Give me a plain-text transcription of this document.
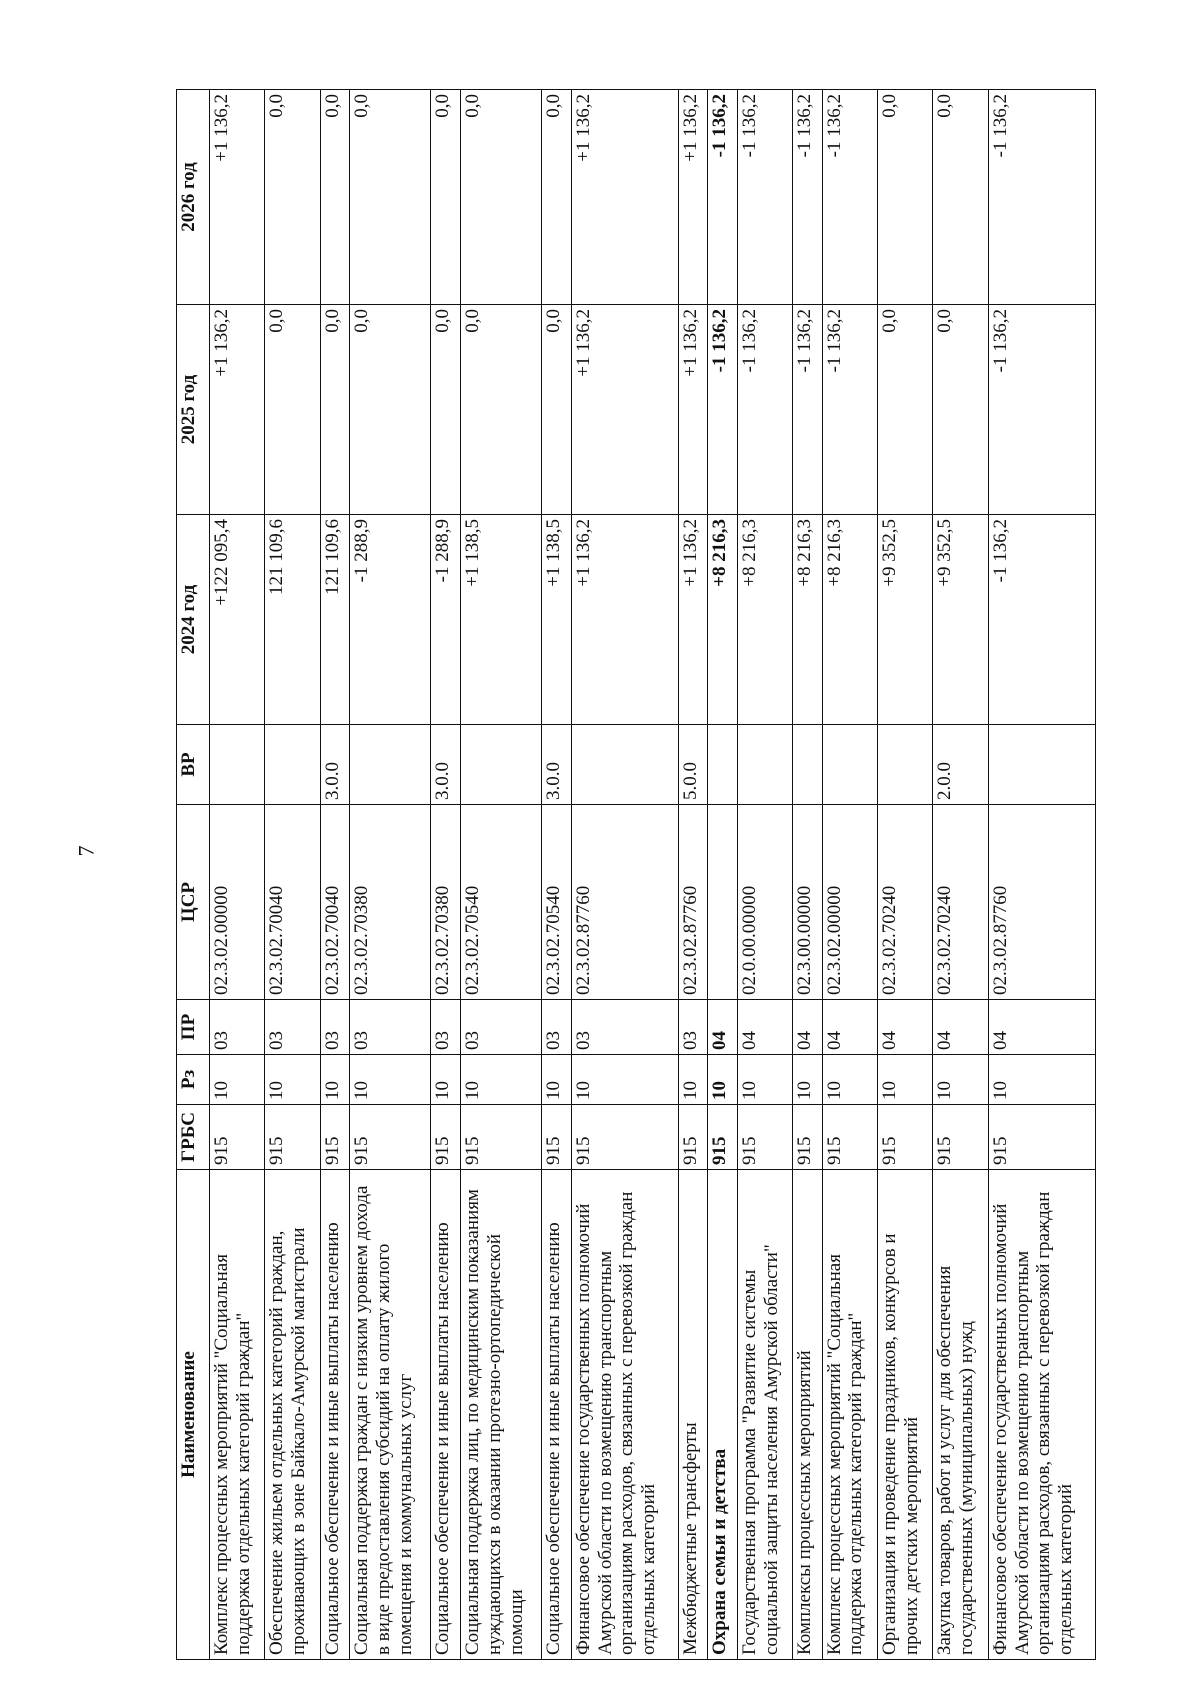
7
Наименование	ГРБС	Рз	ПР	ЦСР	ВР	2024 год	2025 год	2026 год
Комплекс процессных мероприятий "Социальная поддержка отдельных категорий граждан"	915	10	03	02.3.02.00000		+122 095,4	+1 136,2	+1 136,2
Обеспечение жильем отдельных категорий граждан, проживающих в зоне Байкало-Амурской магистрали	915	10	03	02.3.02.70040		121 109,6	0,0	0,0
Социальное обеспечение и иные выплаты населению	915	10	03	02.3.02.70040	3.0.0	121 109,6	0,0	0,0
Социальная поддержка граждан с низким уровнем дохода в виде предоставления субсидий на оплату жилого помещения и коммунальных услуг	915	10	03	02.3.02.70380		-1 288,9	0,0	0,0
Социальное обеспечение и иные выплаты населению	915	10	03	02.3.02.70380	3.0.0	-1 288,9	0,0	0,0
Социальная поддержка лиц, по медицинским показаниям нуждающихся в оказании протезно-ортопедической помощи	915	10	03	02.3.02.70540		+1 138,5	0,0	0,0
Социальное обеспечение и иные выплаты населению	915	10	03	02.3.02.70540	3.0.0	+1 138,5	0,0	0,0
Финансовое обеспечение государственных полномочий Амурской области по возмещению транспортным организациям расходов, связанных с перевозкой граждан отдельных категорий	915	10	03	02.3.02.87760		+1 136,2	+1 136,2	+1 136,2
Межбюджетные трансферты	915	10	03	02.3.02.87760	5.0.0	+1 136,2	+1 136,2	+1 136,2
Охрана семьи и детства	915	10	04			+8 216,3	-1 136,2	-1 136,2
Государственная программа "Развитие системы социальной защиты населения Амурской области"	915	10	04	02.0.00.00000		+8 216,3	-1 136,2	-1 136,2
Комплексы процессных мероприятий	915	10	04	02.3.00.00000		+8 216,3	-1 136,2	-1 136,2
Комплекс процессных мероприятий "Социальная поддержка отдельных категорий граждан"	915	10	04	02.3.02.00000		+8 216,3	-1 136,2	-1 136,2
Организация и проведение праздников, конкурсов и прочих детских мероприятий	915	10	04	02.3.02.70240		+9 352,5	0,0	0,0
Закупка товаров, работ и услуг для обеспечения государственных (муниципальных) нужд	915	10	04	02.3.02.70240	2.0.0	+9 352,5	0,0	0,0
Финансовое обеспечение государственных полномочий Амурской области по возмещению транспортным организациям расходов, связанных с перевозкой граждан отдельных категорий	915	10	04	02.3.02.87760		-1 136,2	-1 136,2	-1 136,2
